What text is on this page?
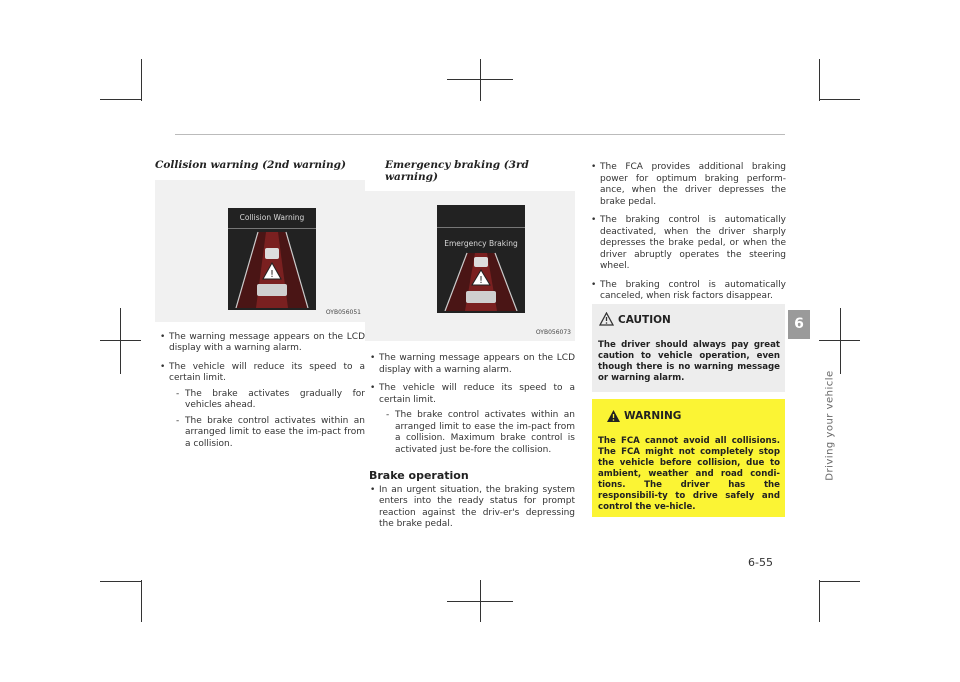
Collision warning (2nd warning)
Collision Warning
!
OYB056051
• The warning message appears on the LCD display with a warning alarm.
• The vehicle will reduce its speed to a certain limit.
- The brake activates gradually for vehicles ahead.
- The brake control activates within an arranged limit to ease the im-pact from a collision.
Emergency braking (3rd warning)
Emergency Braking
!
OYB056073
• The warning message appears on the LCD display with a warning alarm.
• The vehicle will reduce its speed to a certain limit.
- The brake control activates within an arranged limit to ease the im-pact from a collision. Maximum brake control is activated just be-fore the collision.
Brake operation
• In an urgent situation, the braking system enters into the ready status for prompt reaction against the driv-er's depressing the brake pedal.
• The FCA provides additional braking power for optimum braking perform-ance, when the driver depresses the brake pedal.
• The braking control is automatically deactivated, when the driver sharply depresses the brake pedal, or when the driver abruptly operates the steering wheel.
• The braking control is automatically canceled, when risk factors disappear.
CAUTION
The driver should always pay great caution to vehicle operation, even though there is no warning message or warning alarm.
WARNING
The FCA cannot avoid all collisions. The FCA might not completely stop the vehicle before collision, due to ambient, weather and road condi-tions. The driver has the responsibili-ty to drive safely and control the ve-hicle.
6
Driving your vehicle
6-55
